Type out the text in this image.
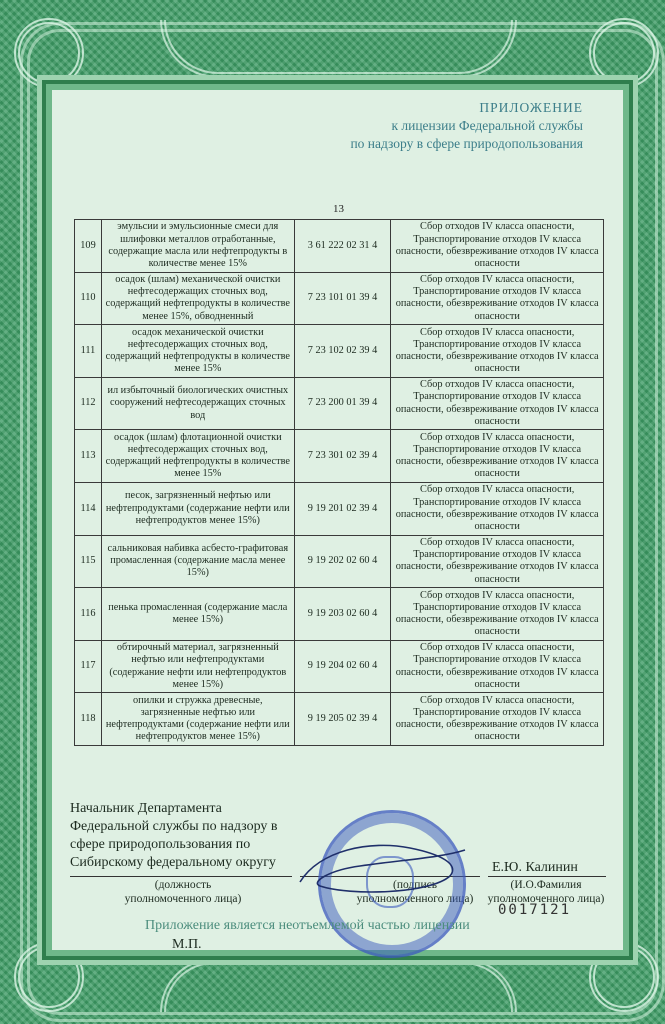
ПРИЛОЖЕНИЕ
к лицензии Федеральной службы
по надзору в сфере природопользования
13
109	эмульсии и эмульсионные смеси для шлифовки металлов отработанные, содержащие масла или нефтепродукты в количестве менее 15%	3 61 222 02 31 4	Сбор отходов IV класса опасности, Транспортирование отходов IV класса опасности, обезвреживание отходов IV класса опасности
110	осадок (шлам) механической очистки нефтесодержащих сточных вод, содержащий нефтепродукты в количестве менее 15%, обводненный	7 23 101 01 39 4	Сбор отходов IV класса опасности, Транспортирование отходов IV класса опасности, обезвреживание отходов IV класса опасности
111	осадок механической очистки нефтесодержащих сточных вод, содержащий нефтепродукты в количестве менее 15%	7 23 102 02 39 4	Сбор отходов IV класса опасности, Транспортирование отходов IV класса опасности, обезвреживание отходов IV класса опасности
112	ил избыточный биологических очистных сооружений нефтесодержащих сточных вод	7 23 200 01 39 4	Сбор отходов IV класса опасности, Транспортирование отходов IV класса опасности, обезвреживание отходов IV класса опасности
113	осадок (шлам) флотационной очистки нефтесодержащих сточных вод, содержащий нефтепродукты в количестве менее 15%	7 23 301 02 39 4	Сбор отходов IV класса опасности, Транспортирование отходов IV класса опасности, обезвреживание отходов IV класса опасности
114	песок, загрязненный нефтью или нефтепродуктами (содержание нефти или нефтепродуктов менее 15%)	9 19 201 02 39 4	Сбор отходов IV класса опасности, Транспортирование отходов IV класса опасности, обезвреживание отходов IV класса опасности
115	сальниковая набивка асбесто-графитовая промасленная (содержание масла менее 15%)	9 19 202 02 60 4	Сбор отходов IV класса опасности, Транспортирование отходов IV класса опасности, обезвреживание отходов IV класса опасности
116	пенька промасленная (содержание масла менее 15%)	9 19 203 02 60 4	Сбор отходов IV класса опасности, Транспортирование отходов IV класса опасности, обезвреживание отходов IV класса опасности
117	обтирочный материал, загрязненный нефтью или нефтепродуктами (содержание нефти или нефтепродуктов менее 15%)	9 19 204 02 60 4	Сбор отходов IV класса опасности, Транспортирование отходов IV класса опасности, обезвреживание отходов IV класса опасности
118	опилки и стружка древесные, загрязненные нефтью или нефтепродуктами (содержание нефти или нефтепродуктов менее 15%)	9 19 205 02 39 4	Сбор отходов IV класса опасности, Транспортирование отходов IV класса опасности, обезвреживание отходов IV класса опасности
Начальник Департамента
Федеральной службы по надзору в
сфере природопользования по
Сибирскому федеральному округу	Е.Ю. Калинин
(должность уполномоченного лица)
(подпись уполномоченного лица)
(И.О.Фамилия уполномоченного лица)
Приложение является неотъемлемой частью лицензии
М.П.
0017121
